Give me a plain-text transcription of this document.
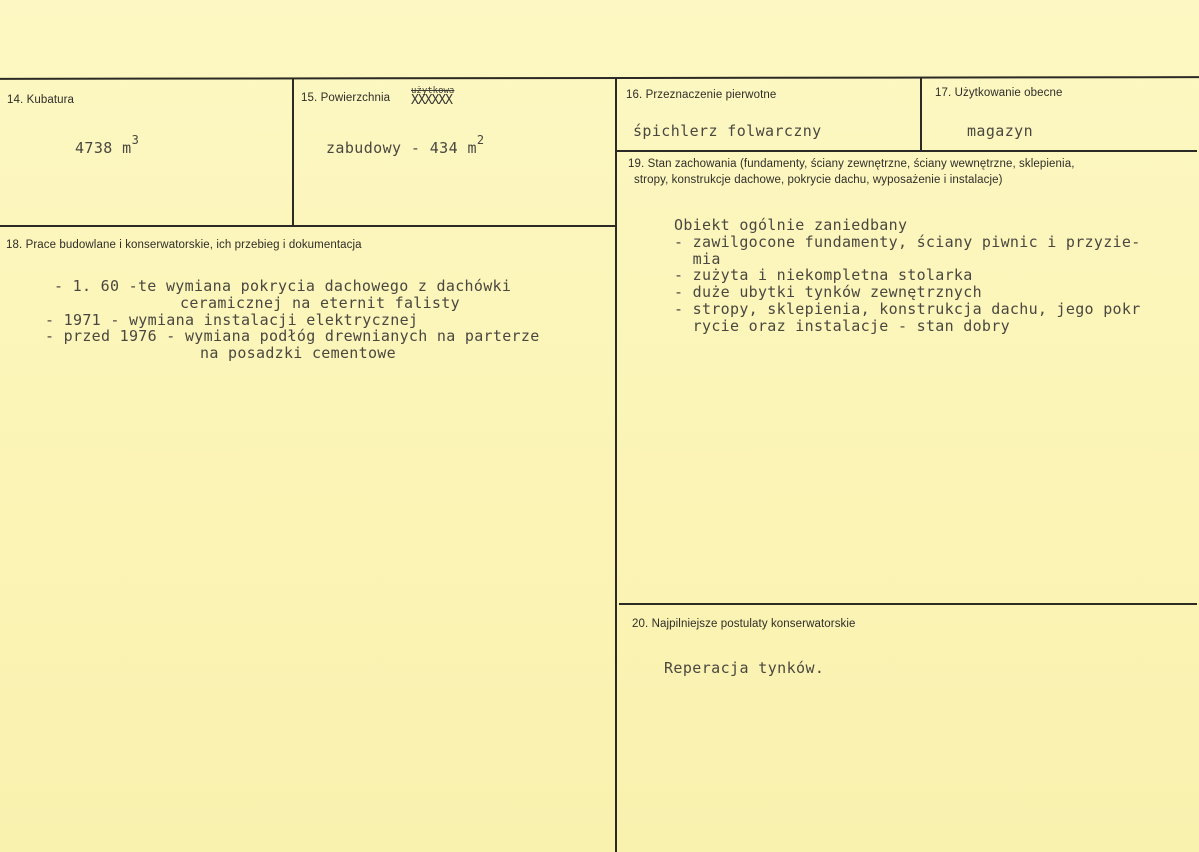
14. Kubatura
4738 $m^3$
15. Powierzchnia
użytkowa
XXXXXX
zabudowy - 434 $m^2$
16. Przeznaczenie pierwotne
śpichlerz folwarczny
17. Użytkowanie obecne
magazyn
18. Prace budowlane i konserwatorskie, ich przebieg i dokumentacja
- 1. 60 -te wymiana pokrycia dachowego z dachówki
ceramicznej na eternit falisty
- 1971 - wymiana instalacji elektrycznej
- przed 1976 - wymiana podłóg drewnianych na parterze
na posadzki cementowe
19. Stan zachowania (fundamenty, ściany zewnętrzne, ściany wewnętrzne, sklepienia,
stropy, konstrukcje dachowe, pokrycie dachu, wyposażenie i instalacje)
Obiekt ogólnie zaniedbany
- zawilgocone fundamenty, ściany piwnic i przyzie-
mia
- zużyta i niekompletna stolarka
- duże ubytki tynków zewnętrznych
- stropy, sklepienia, konstrukcja dachu, jego pokr
rycie oraz instalacje - stan dobry
20. Najpilniejsze postulaty konserwatorskie
Reperacja tynków.
